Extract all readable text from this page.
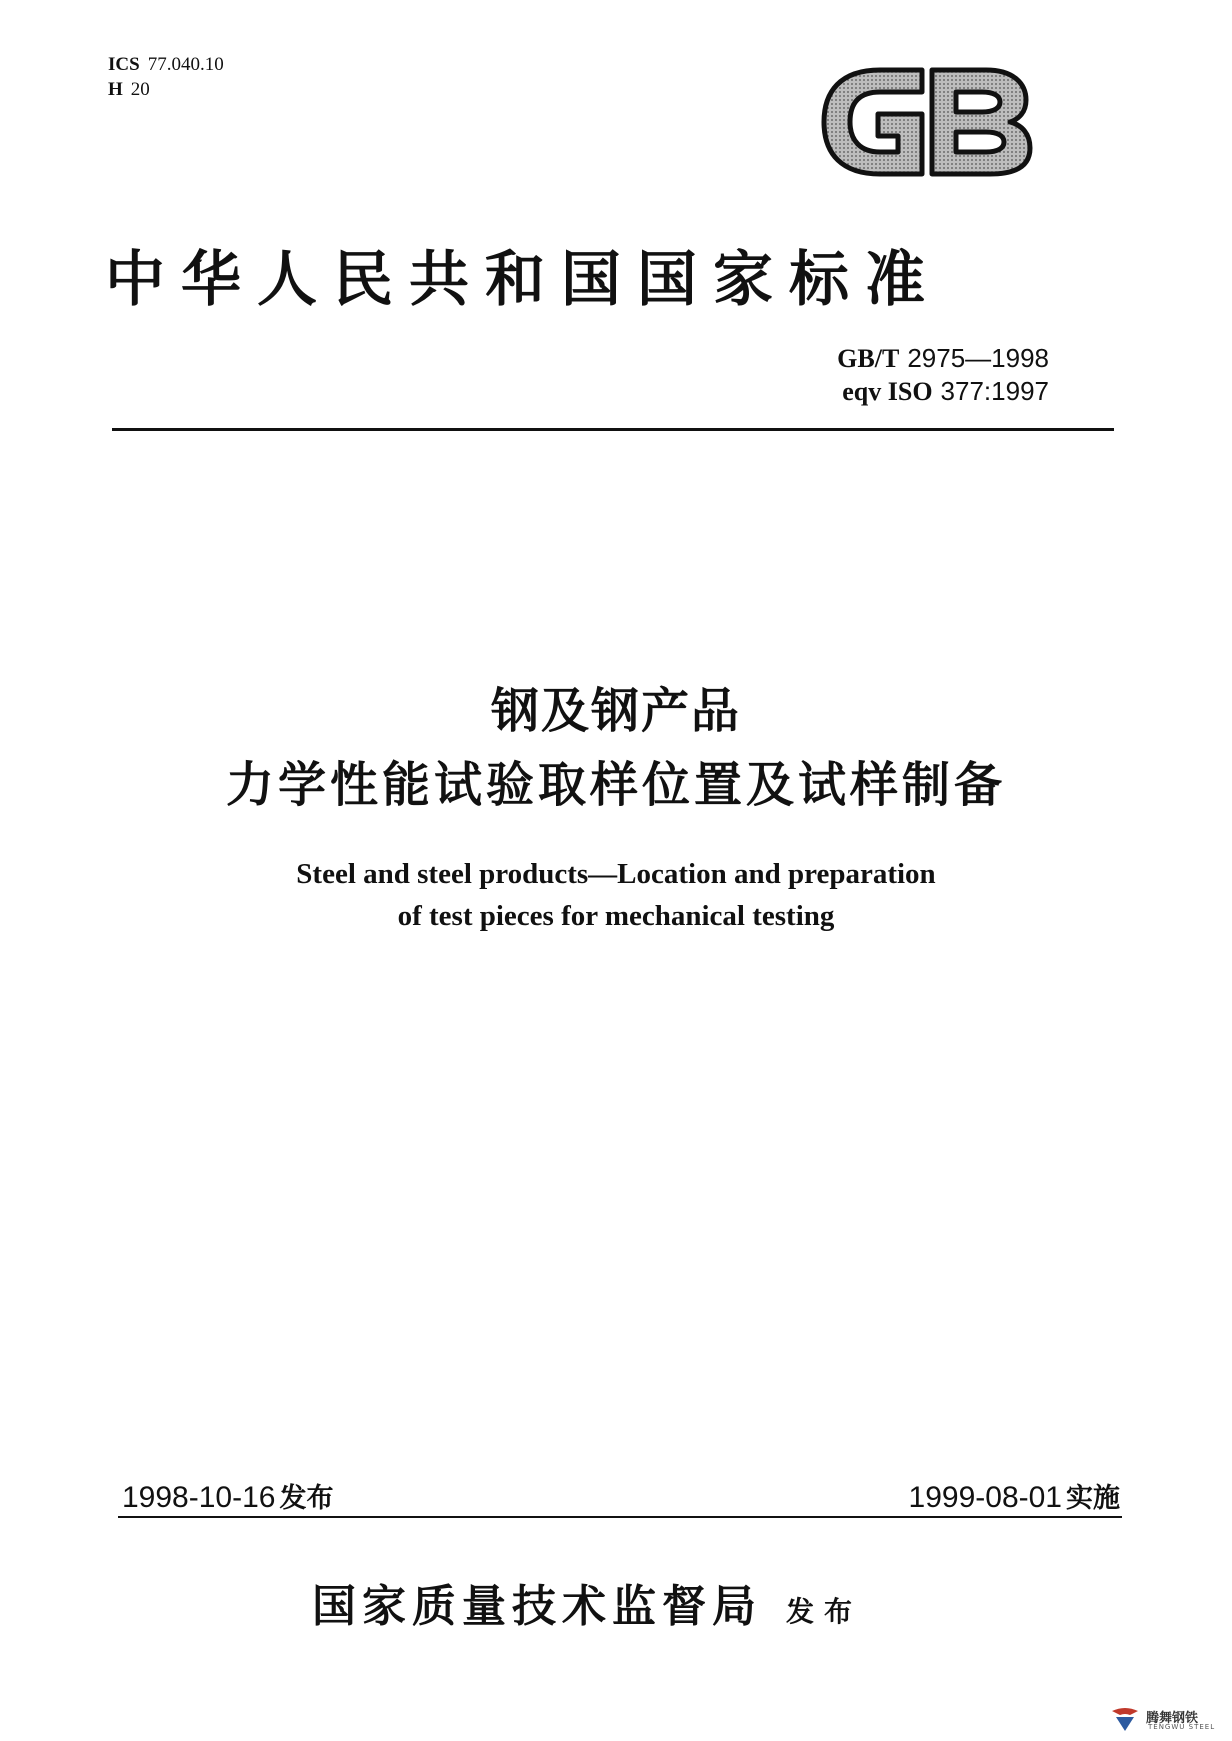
ICS 77.040.10
H 20
中华人民共和国国家标准
GB/T 2975—1998
eqv ISO 377:1997
钢及钢产品
力学性能试验取样位置及试样制备
Steel and steel products—Location and preparation
of test pieces for mechanical testing
1998-10-16 发布	1999-08-01 实施
国家质量技术监督局 发布
腾舞钢铁
TENGWU STEEL
